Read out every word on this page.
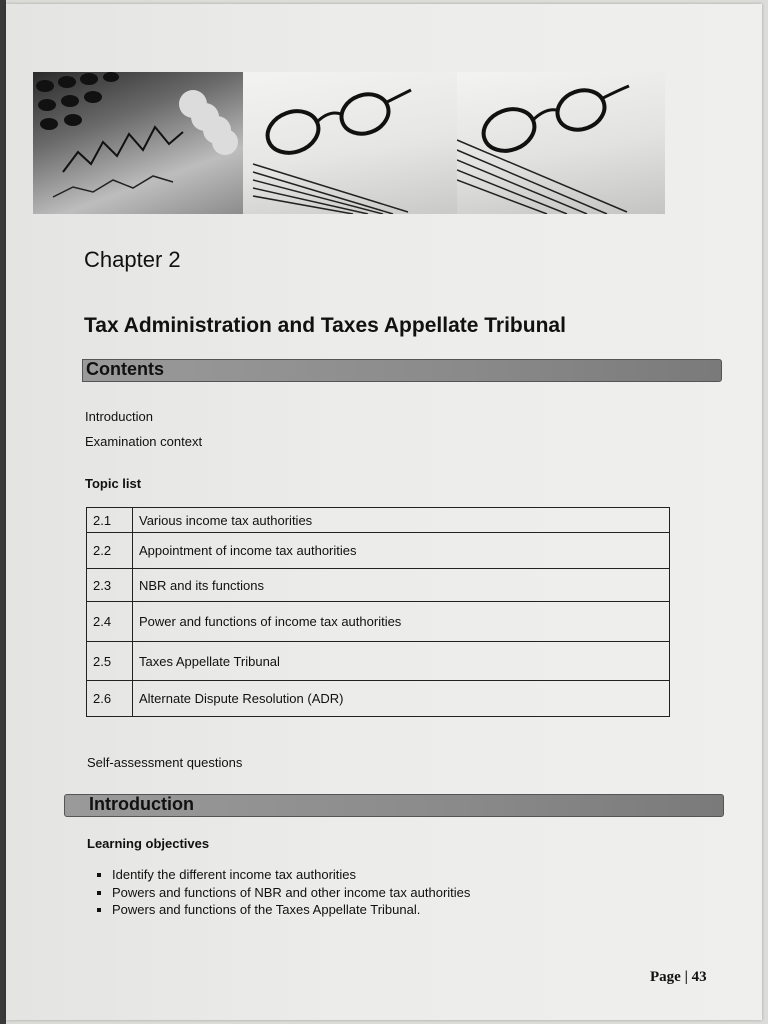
Chapter 2
Tax Administration and Taxes Appellate Tribunal
Contents
Introduction
Examination context
Topic list
2.1	Various income tax authorities
2.2	Appointment of income tax authorities
2.3	NBR and its functions
2.4	Power and functions of income tax authorities
2.5	Taxes Appellate Tribunal
2.6	Alternate Dispute Resolution (ADR)
Self-assessment questions
Introduction
Learning objectives
▪ Identify the different income tax authorities
▪ Powers and functions of NBR and other income tax authorities
▪ Powers and functions of the Taxes Appellate Tribunal.
Page | 43
